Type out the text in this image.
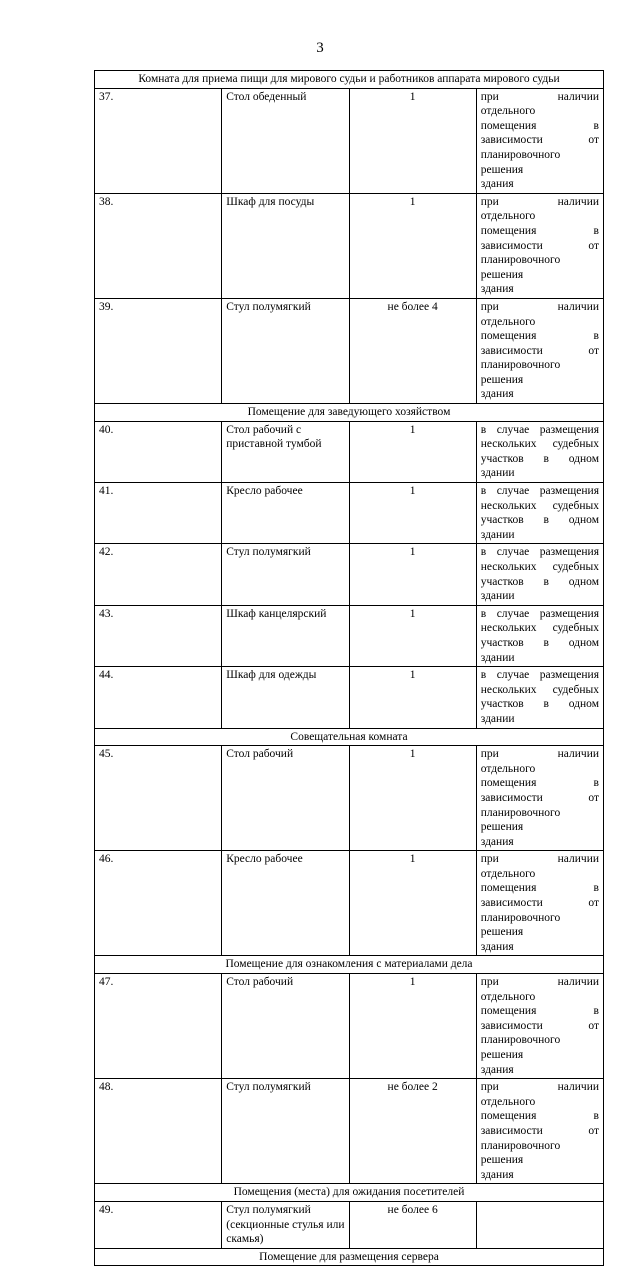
3
Комната для приема пищи для мирового судьи и работников аппарата мирового судьи			
37.	Стол обеденный	1	при наличии отдельного
помещения в зависимости от
планировочного решения
здания

38.	Шкаф для посуды	1	при наличии отдельного
помещения в зависимости от
планировочного решения
здания

39.	Стул полумягкий	не более 4	при наличии отдельного
помещения в зависимости от
планировочного решения
здания

Помещение для заведующего хозяйством			
40.	Стол рабочий с приставной тумбой	1	в случае размещения
нескольких судебных
участков в одном здании

41.	Кресло рабочее	1	в случае размещения
нескольких судебных
участков в одном здании

42.	Стул полумягкий	1	в случае размещения
нескольких судебных
участков в одном здании

43.	Шкаф канцелярский	1	в случае размещения
нескольких судебных
участков в одном здании

44.	Шкаф для одежды	1	в случае размещения
нескольких судебных
участков в одном здании

Совещательная комната			
45.	Стол рабочий	1	при наличии отдельного
помещения в зависимости от
планировочного решения
здания

46.	Кресло рабочее	1	при наличии отдельного
помещения в зависимости от
планировочного решения
здания

Помещение для ознакомления с материалами дела			
47.	Стол рабочий	1	при наличии отдельного
помещения в зависимости от
планировочного решения
здания

48.	Стул полумягкий	не более 2	при наличии отдельного
помещения в зависимости от
планировочного решения
здания

Помещения (места) для ожидания посетителей			
49.	Стул полумягкий (секционные стулья или скамья)	не более 6	
Помещение для размещения сервера			
